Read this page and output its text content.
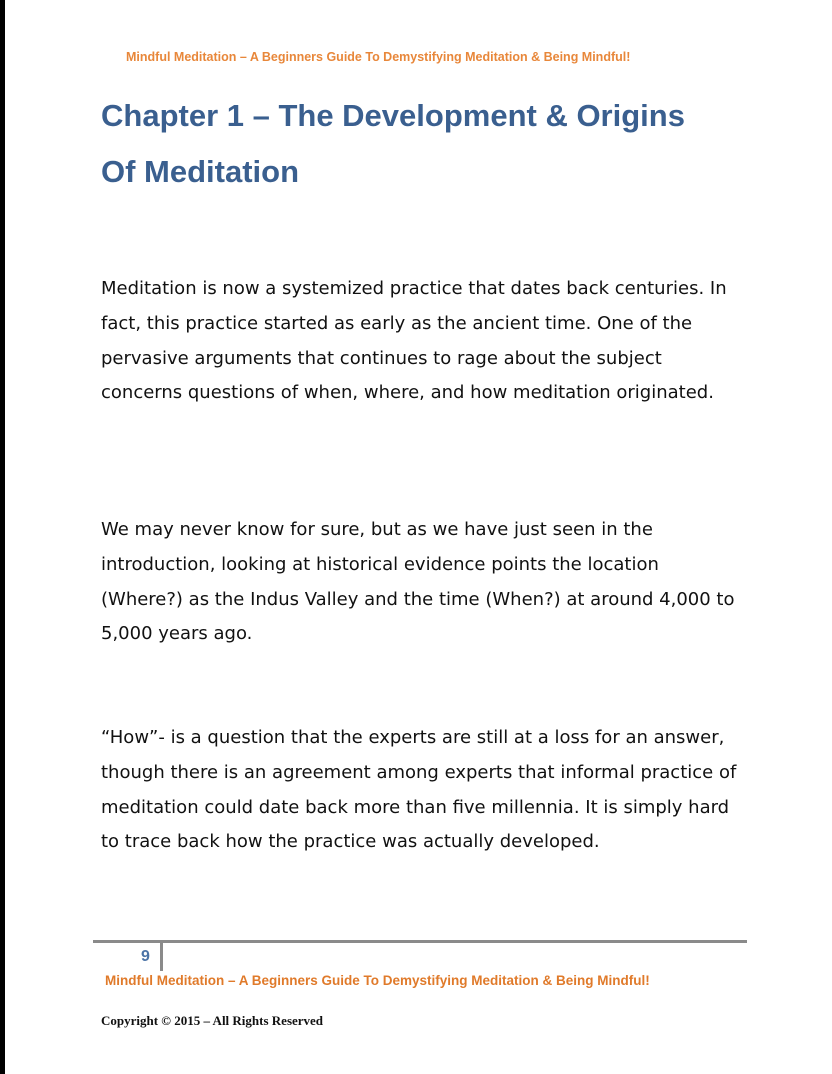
Mindful Meditation – A Beginners Guide To Demystifying Meditation & Being Mindful!
Chapter 1 – The Development & Origins
Of Meditation

Meditation is now a systemized practice that dates back centuries. In fact, this practice started as early as the ancient time. One of the pervasive arguments that continues to rage about the subject concerns questions of when, where, and how meditation originated.

We may never know for sure, but as we have just seen in the introduction, looking at historical evidence points the location (Where?) as the Indus Valley and the time (When?) at around 4,000 to 5,000 years ago.

“How”- is a question that the experts are still at a loss for an answer, though there is an agreement among experts that informal practice of meditation could date back more than five millennia. It is simply hard to trace back how the practice was actually developed.

9
Mindful Meditation – A Beginners Guide To Demystifying Meditation & Being Mindful!
Copyright © 2015 – All Rights Reserved
